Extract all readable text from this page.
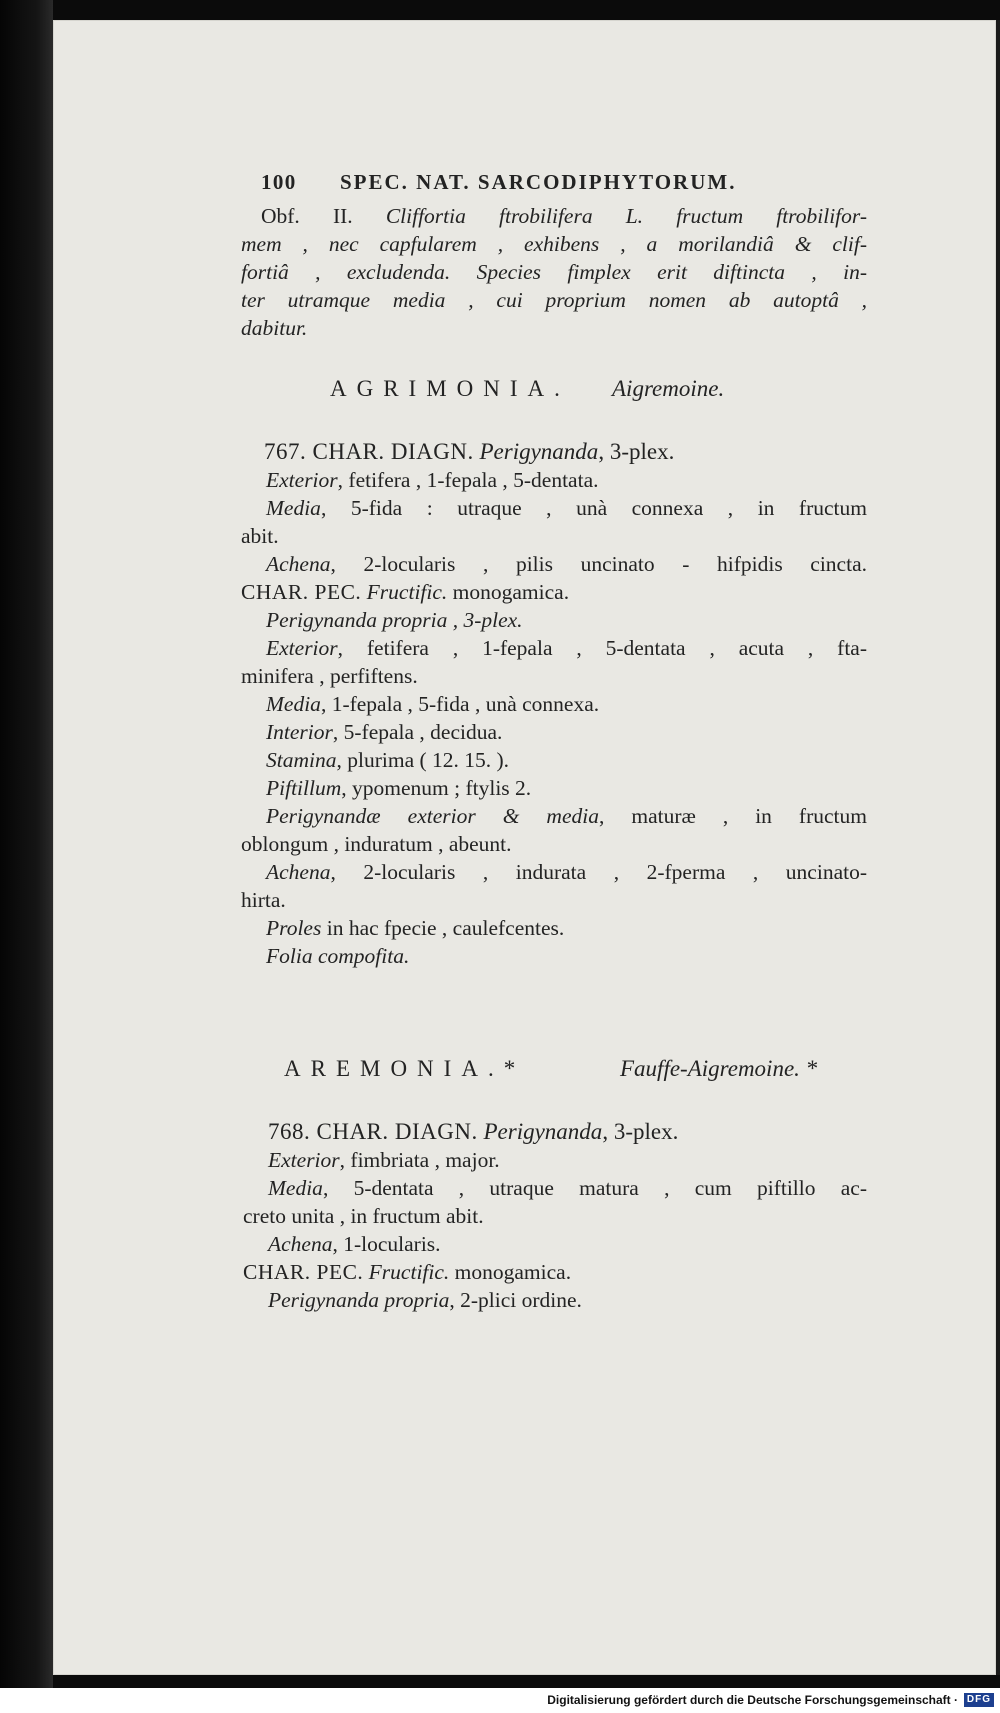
100 SPEC. NAT. SARCODIPHYTORUM.
Obf. II. Cliffortia ftrobilifera L. fructum ftrobilifor-
mem , nec capfularem , exhibens , a morilandiâ & clif-
fortiâ , excludenda. Species fimplex erit diftincta , in-
ter utramque media , cui proprium nomen ab autoptâ ,
dabitur.
AGRIMONIA. Aigremoine.
767. CHAR. DIAGN. Perigynanda, 3-plex.
Exterior, fetifera , 1-fepala , 5-dentata.
Media, 5-fida : utraque , unà connexa , in fructum
abit.
Achena, 2-locularis , pilis uncinato - hifpidis cincta.
CHAR. PEC. Fructific. monogamica.
Perigynanda propria , 3-plex.
Exterior, fetifera , 1-fepala , 5-dentata , acuta , fta-
minifera , perfiftens.
Media, 1-fepala , 5-fida , unà connexa.
Interior, 5-fepala , decidua.
Stamina, plurima ( 12. 15. ).
Piftillum, ypomenum ; ftylis 2.
Perigynandæ exterior & media, maturæ , in fructum
oblongum , induratum , abeunt.
Achena, 2-locularis , indurata , 2-fperma , uncinato-
hirta.
Proles in hac fpecie , caulefcentes.
Folia compofita.
AREMONIA.*	Fauffe-Aigremoine. *
768. CHAR. DIAGN. Perigynanda, 3-plex.
Exterior, fimbriata , major.
Media, 5-dentata , utraque matura , cum piftillo ac-
creto unita , in fructum abit.
Achena, 1-locularis.
CHAR. PEC. Fructific. monogamica.
Perigynanda propria, 2-plici ordine.
Digitalisierung gefördert durch die Deutsche Forschungsgemeinschaft · DFG
